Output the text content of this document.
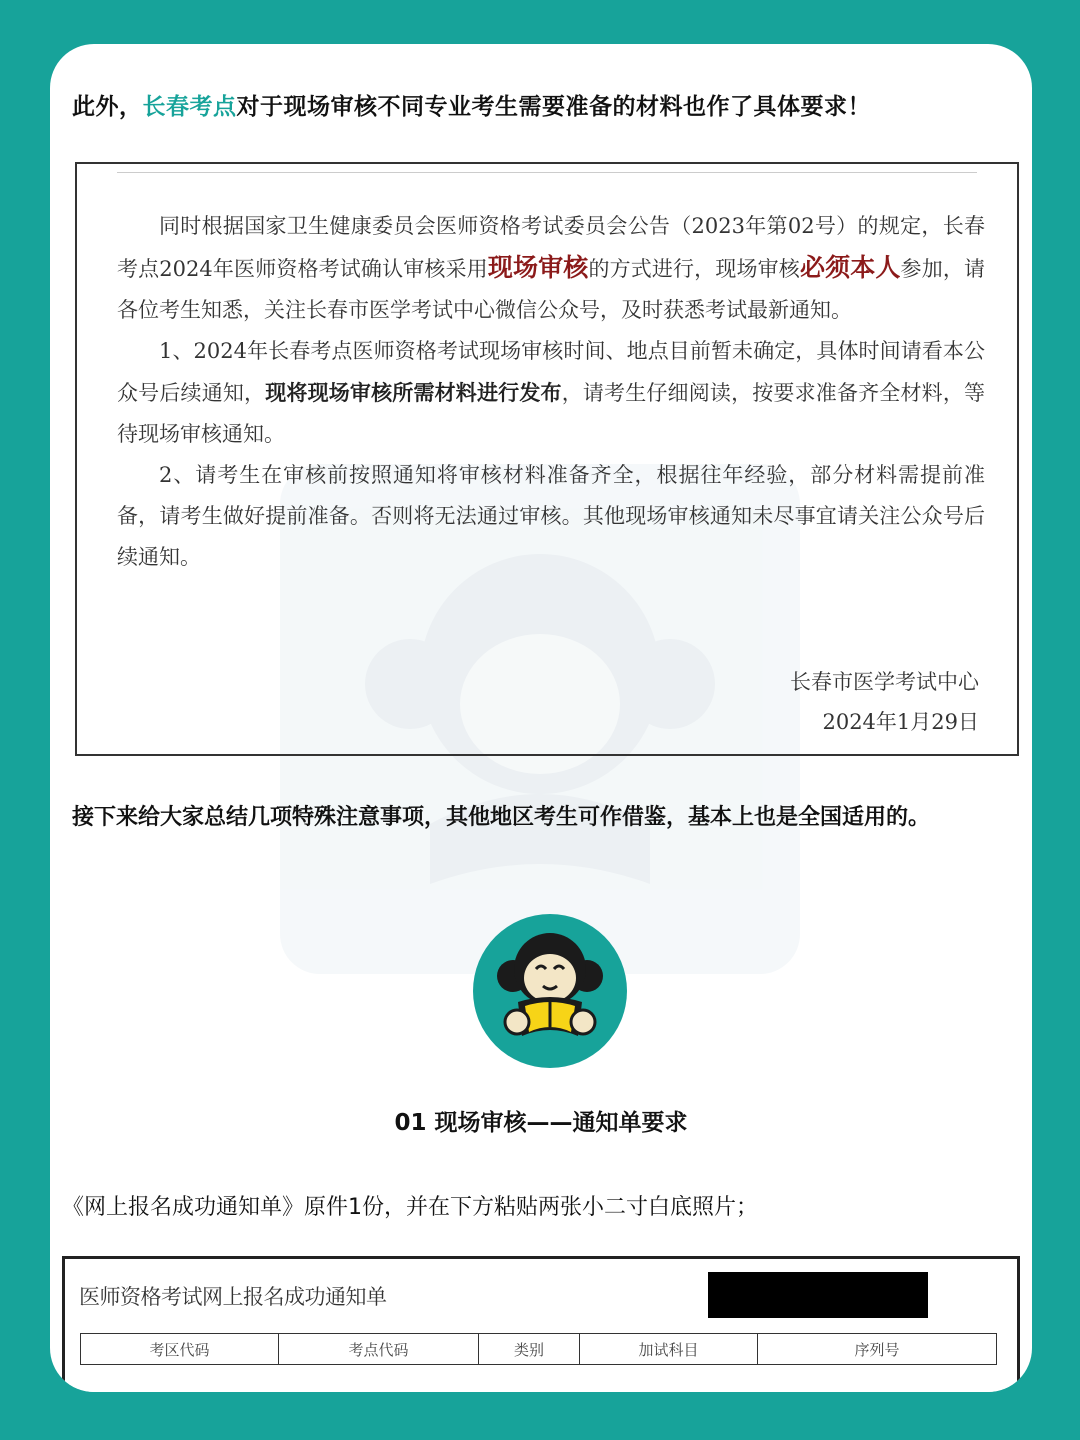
此外，长春考点对于现场审核不同专业考生需要准备的材料也作了具体要求！

同时根据国家卫生健康委员会医师资格考试委员会公告（2023年第02号）的规定，长春考点2024年医师资格考试确认审核采用现场审核的方式进行，现场审核必须本人参加，请各位考生知悉，关注长春市医学考试中心微信公众号，及时获悉考试最新通知。

1、2024年长春考点医师资格考试现场审核时间、地点目前暂未确定，具体时间请看本公众号后续通知，现将现场审核所需材料进行发布，请考生仔细阅读，按要求准备齐全材料，等待现场审核通知。

2、请考生在审核前按照通知将审核材料准备齐全，根据往年经验，部分材料需提前准备，请考生做好提前准备。否则将无法通过审核。其他现场审核通知未尽事宜请关注公众号后续通知。

长春市医学考试中心
2024年1月29日

接下来给大家总结几项特殊注意事项，其他地区考生可作借鉴，基本上也是全国适用的。

01 现场审核——通知单要求

《网上报名成功通知单》原件1份，并在下方粘贴两张小二寸白底照片；

医师资格考试网上报名成功通知单

考区代码	考点代码	类别	加试科目	序列号
